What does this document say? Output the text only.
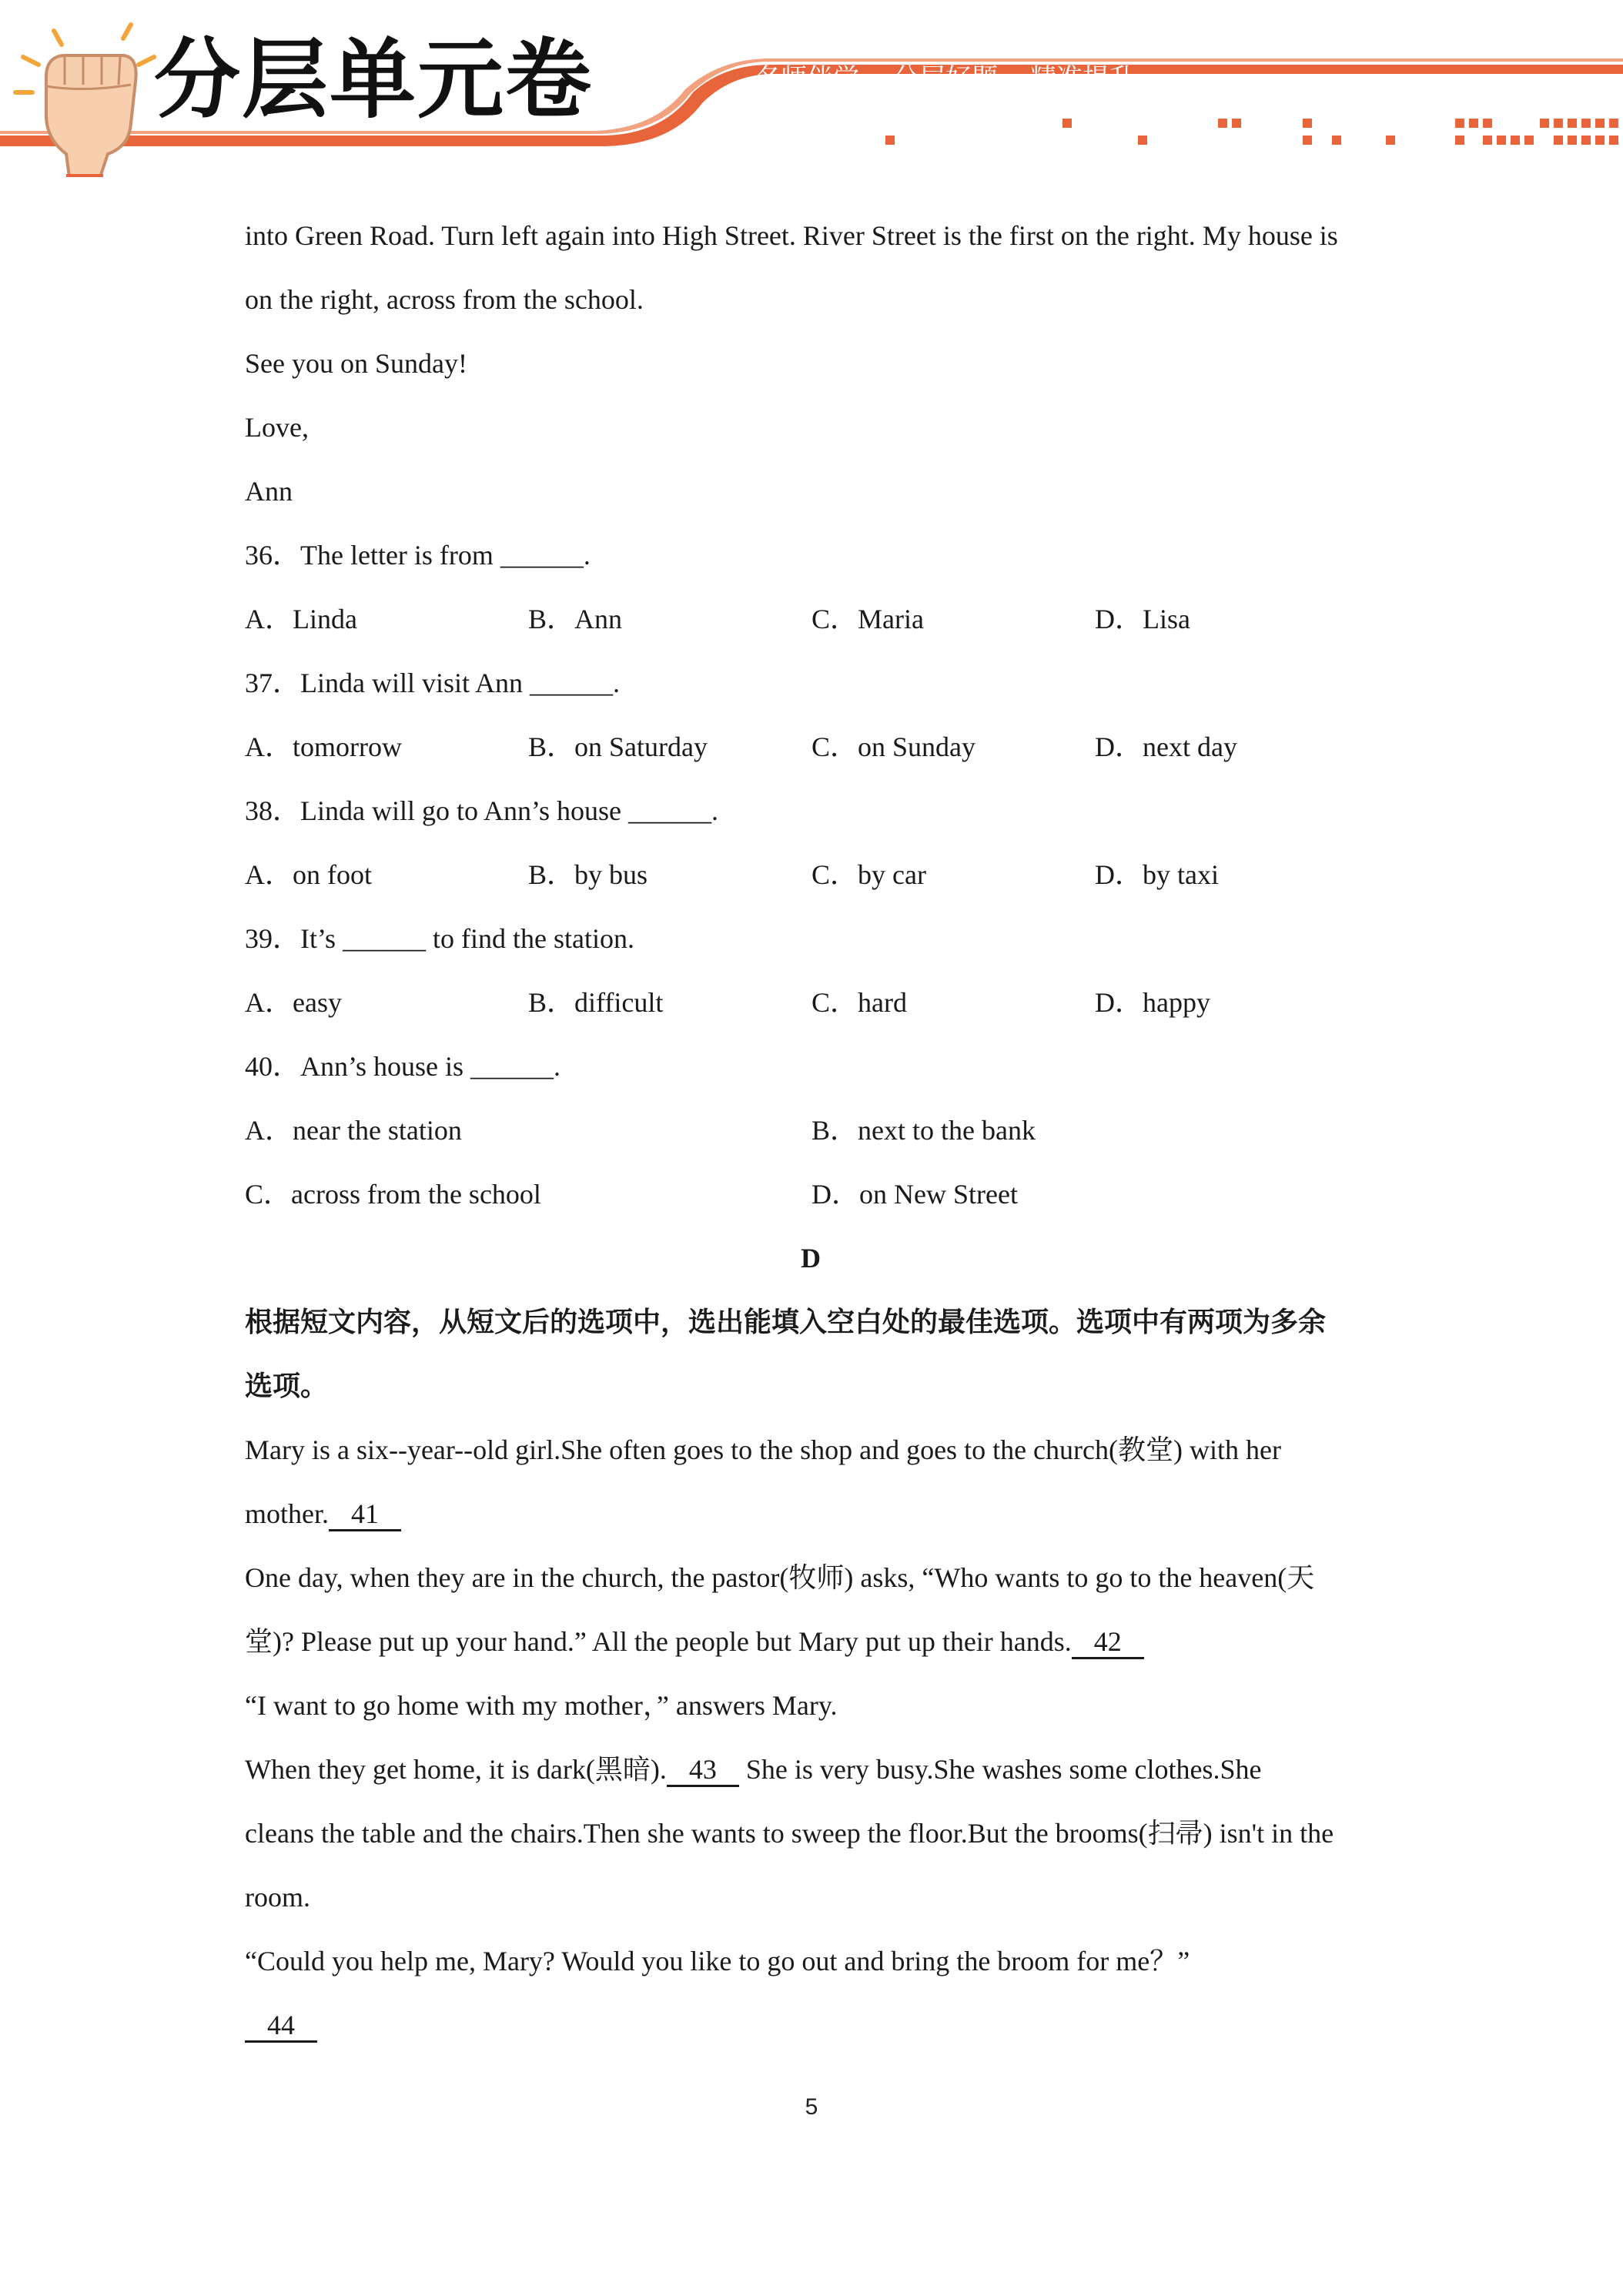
分层单元卷	名师伴学 分层好题 精准提升
into Green Road. Turn left again into High Street. River Street is the first on the right. My house is
on the right, across from the school.
See you on Sunday!
Love,
Ann
36．The letter is from ______.
A．Linda	B．Ann	C．Maria	D．Lisa
37．Linda will visit Ann ______.
A．tomorrow	B．on Saturday	C．on Sunday	D．next day
38．Linda will go to Ann’s house ______.
A．on foot	B．by bus	C．by car	D．by taxi
39．It’s ______ to find the station.
A．easy	B．difficult	C．hard	D．happy
40．Ann’s house is ______.
A．near the station	B．next to the bank
C．across from the school	D．on New Street
D
根据短文内容，从短文后的选项中，选出能填入空白处的最佳选项。选项中有两项为多余
选项。
Mary is a six--year--old girl.She often goes to the shop and goes to the church(教堂) with her
mother. 41
One day, when they are in the church, the pastor(牧师) asks, “Who wants to go to the heaven(天
堂)? Please put up your hand.” All the people but Mary put up their hands. 42
“I want to go home with my mother，” answers Mary.
When they get home, it is dark(黑暗). 43    She is very busy.She washes some clothes.She
cleans the table and the chairs.Then she wants to sweep the floor.But the brooms(扫帚) isn't in the
room.
“Could you help me, Mary? Would you like to go out and bring the broom for me？”
44
5
